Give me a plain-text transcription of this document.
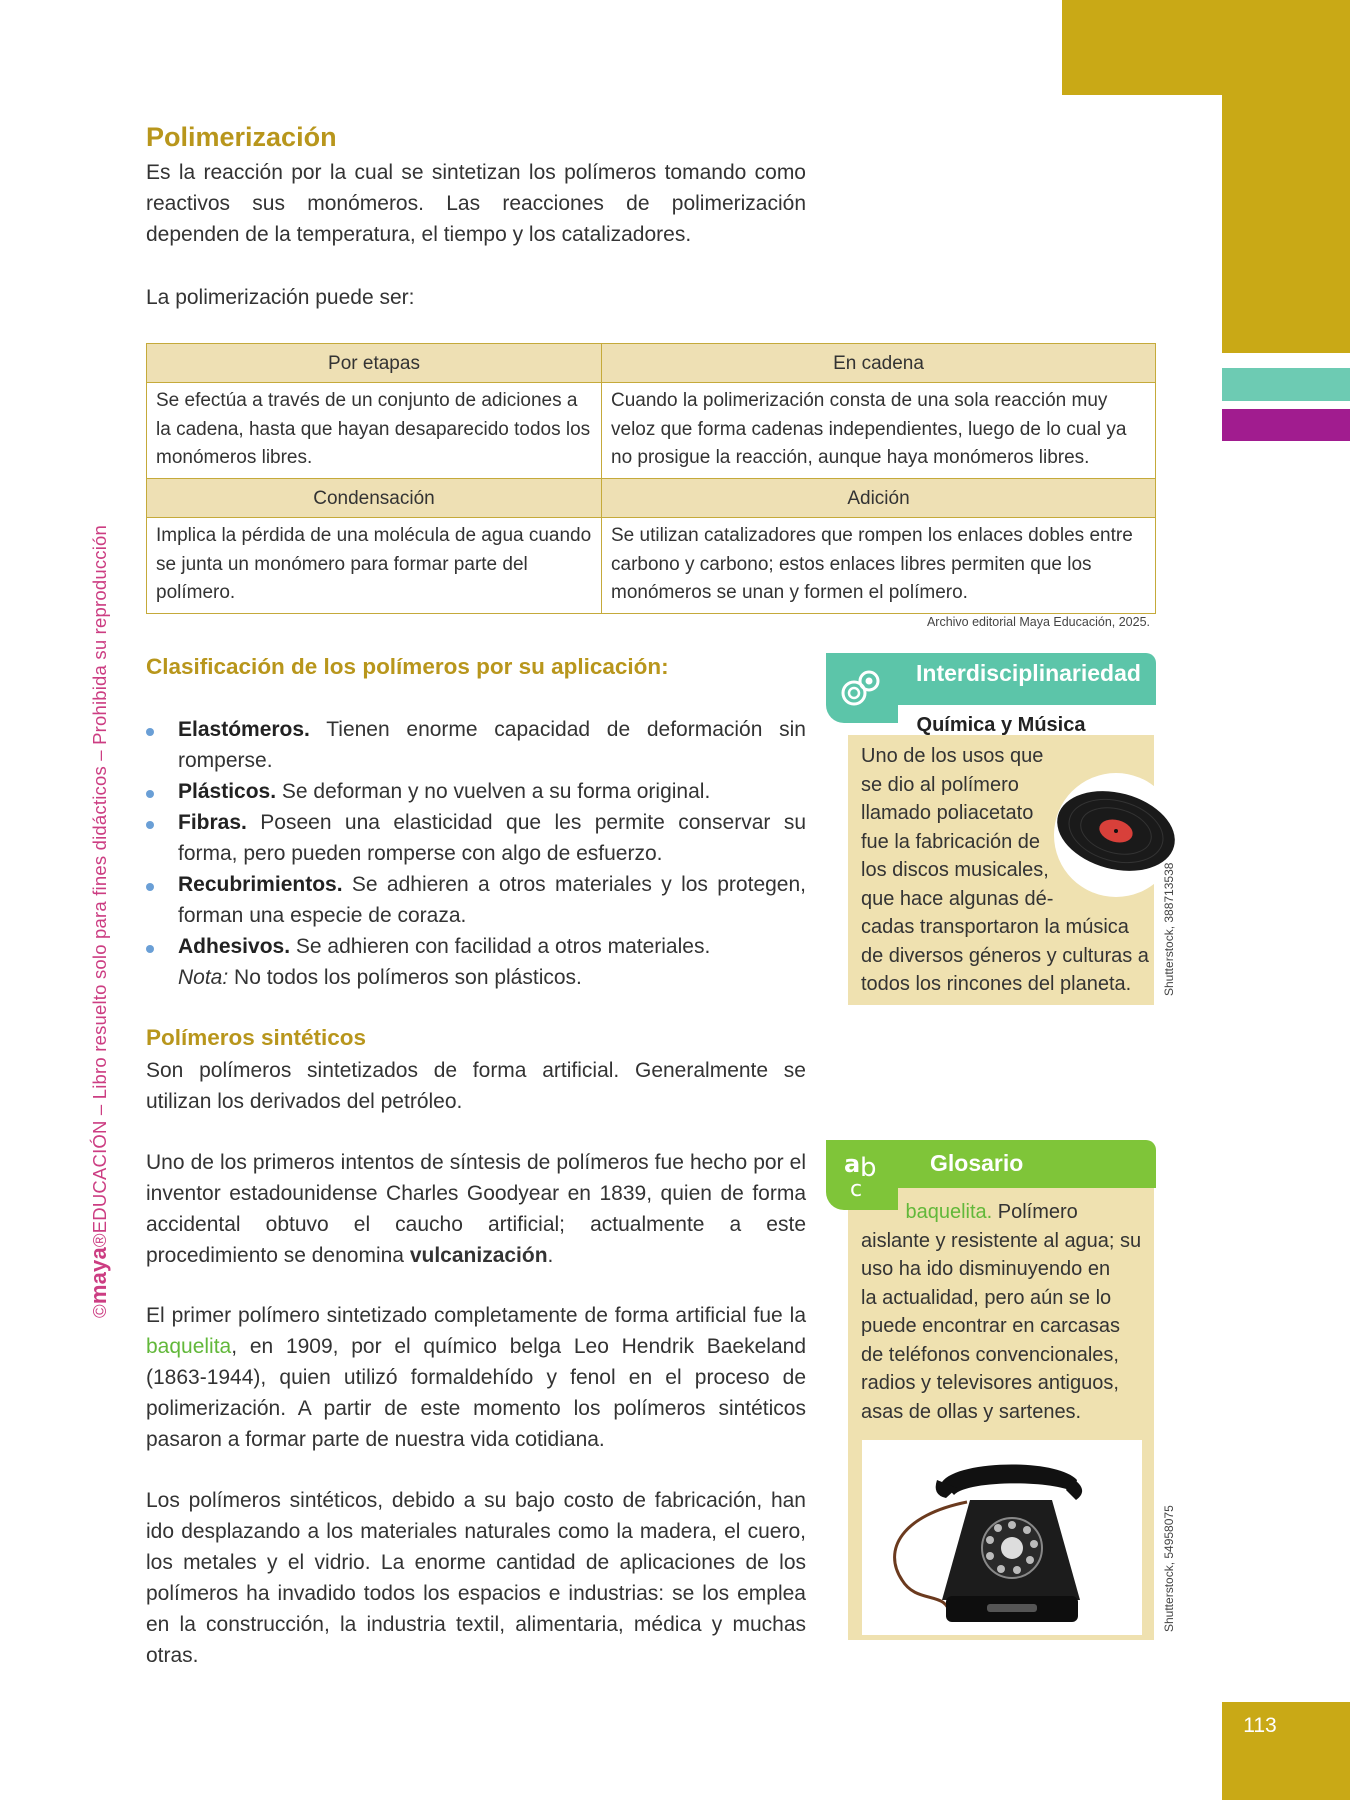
113
©maya®EDUCACIÓN – Libro resuelto solo para fines didácticos – Prohibida su reproducción
Polimerización
Es la reacción por la cual se sintetizan los polímeros tomando como reactivos sus monómeros. Las reacciones de polimerización dependen de la temperatura, el tiempo y los catalizadores.
La polimerización puede ser:
Por etapas	En cadena
Se efectúa a través de un conjunto de adiciones a la cadena, hasta que hayan desaparecido todos los monómeros libres.	Cuando la polimerización consta de una sola reacción muy veloz que forma cadenas independientes, luego de lo cual ya no prosigue la reacción, aunque haya monómeros libres.
Condensación	Adición
Implica la pérdida de una molécula de agua cuando se junta un monómero para formar parte del polímero.	Se utilizan catalizadores que rompen los enlaces dobles entre carbono y carbono; estos enlaces libres permiten que los monómeros se unan y formen el polímero.
Archivo editorial Maya Educación, 2025.
Clasificación de los polímeros por su aplicación:
Elastómeros. Tienen enorme capacidad de deformación sin romperse.
Plásticos. Se deforman y no vuelven a su forma original.
Fibras. Poseen una elasticidad que les permite conservar su forma, pero pueden romperse con algo de esfuerzo.
Recubrimientos. Se adhieren a otros materiales y los protegen, forman una especie de coraza.
Adhesivos. Se adhieren con facilidad a otros materiales.
Nota: No todos los polímeros son plásticos.
Polímeros sintéticos
Son polímeros sintetizados de forma artificial. Generalmente se utilizan los derivados del petróleo.
Uno de los primeros intentos de síntesis de polímeros fue hecho por el inventor estadounidense Charles Goodyear en 1839, quien de forma accidental obtuvo el caucho artificial; actualmente a este procedimiento se denomina vulcanización.
El primer polímero sintetizado completamente de forma artificial fue la baquelita, en 1909, por el químico belga Leo Hendrik Baekeland (1863-1944), quien utilizó formaldehído y fenol en el proceso de polimerización. A partir de este momento los polímeros sintéticos pasaron a formar parte de nuestra vida cotidiana.
Los polímeros sintéticos, debido a su bajo costo de fabricación, han ido desplazando a los materiales naturales como la madera, el cuero, los metales y el vidrio. La enorme cantidad de aplicaciones de los polímeros ha invadido todos los espacios e industrias: se los emplea en la construcción, la industria textil, alimentaria, médica y muchas otras.
Interdisciplinariedad
Química y Música
Uno de los usos que
se dio al polímero
llamado poliacetato
fue la fabricación de
los discos musicales,
que hace algunas dé-
cadas transportaron la música
de diversos géneros y culturas a
todos los rincones del planeta.	Shutterstock, 388713538
a b
c
Glosario
baquelita. Polímero
aislante y resistente al agua; su
uso ha ido disminuyendo en
la actualidad, pero aún se lo
puede encontrar en carcasas
de teléfonos convencionales,
radios y televisores antiguos,
asas de ollas y sartenes.
Shutterstock, 54958075
